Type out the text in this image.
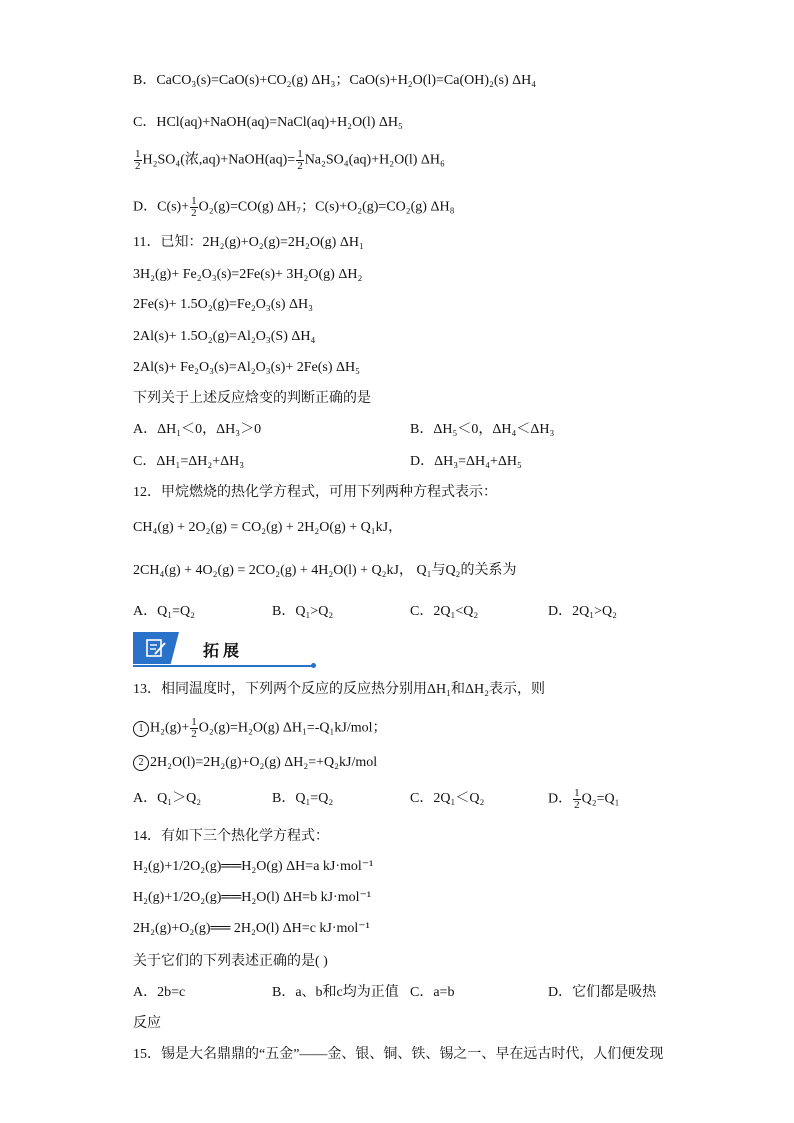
B．CaCO₃(s)=CaO(s)+CO₂(g) ΔH₃；CaO(s)+H₂O(l)=Ca(OH)₂(s) ΔH₄
C．HCl(aq)+NaOH(aq)=NaCl(aq)+H₂O(l) ΔH₅
$\frac{1}{2} H_2SO_4$(浓,aq)+NaOH(aq)= $\frac{1}{2} Na_2SO_4(aq)+H_2O(l)$ ΔH₆
D．$C(s)+ \frac{1}{2} O_2(g)=CO(g)$ ΔH₇；C(s)+O₂(g)=CO₂(g) ΔH₈
11．已知：2H₂(g)+O₂(g)=2H₂O(g) ΔH₁
3H₂(g)+ Fe₂O₃(s)=2Fe(s)+ 3H₂O(g) ΔH₂
2Fe(s)+ 1.5O₂(g)=Fe₂O₃(s) ΔH₃
2Al(s)+ 1.5O₂(g)=Al₂O₃(S) ΔH₄
2Al(s)+ Fe₂O₃(s)=Al₂O₃(s)+ 2Fe(s) ΔH₅
下列关于上述反应焓变的判断正确的是
A．ΔH₁＜0，ΔH₃＞0	B．ΔH₅＜0，ΔH₄＜ΔH₃
C．ΔH₁=ΔH₂+ΔH₃	D．ΔH₃=ΔH₄+ΔH₅
12．甲烷燃烧的热化学方程式，可用下列两种方程式表示：
CH₄(g) + 2O₂(g) = CO₂(g) + 2H₂O(g) + Q₁kJ，
2CH₄(g) + 4O₂(g) = 2CO₂(g) + 4H₂O(l) + Q₂kJ， Q₁与Q₂的关系为
A．Q₁=Q₂	B．Q₁>Q₂	C．2Q₁<Q₂	D．2Q₁>Q₂
拓展
13．相同温度时，下列两个反应的反应热分别用ΔH₁和ΔH₂表示，则
1 $H_2(g)+ \frac{1}{2} O_2(g)=H_2O(g)$ ΔH₁=-Q₁kJ/mol；
2 2H₂O(l)=2H₂(g)+O₂(g) ΔH₂=+Q₂kJ/mol
A．Q₁＞Q₂	B．Q₁=Q₂	C．2Q₁＜Q₂	D． $\frac{1}{2} Q_2=Q_1$
14．有如下三个热化学方程式：
H₂(g)+1/2O₂(g)══H₂O(g) ΔH=a kJ·mol⁻¹
H₂(g)+1/2O₂(g)══H₂O(l) ΔH=b kJ·mol⁻¹
2H₂(g)+O₂(g)══ 2H₂O(l) ΔH=c kJ·mol⁻¹
关于它们的下列表述正确的是( )
A．2b=c	B．a、b和c均为正值 C．a=b	D．它们都是吸热
反应
15．锡是大名鼎鼎的“五金”——金、银、铜、铁、锡之一、早在远古时代，人们便发现
